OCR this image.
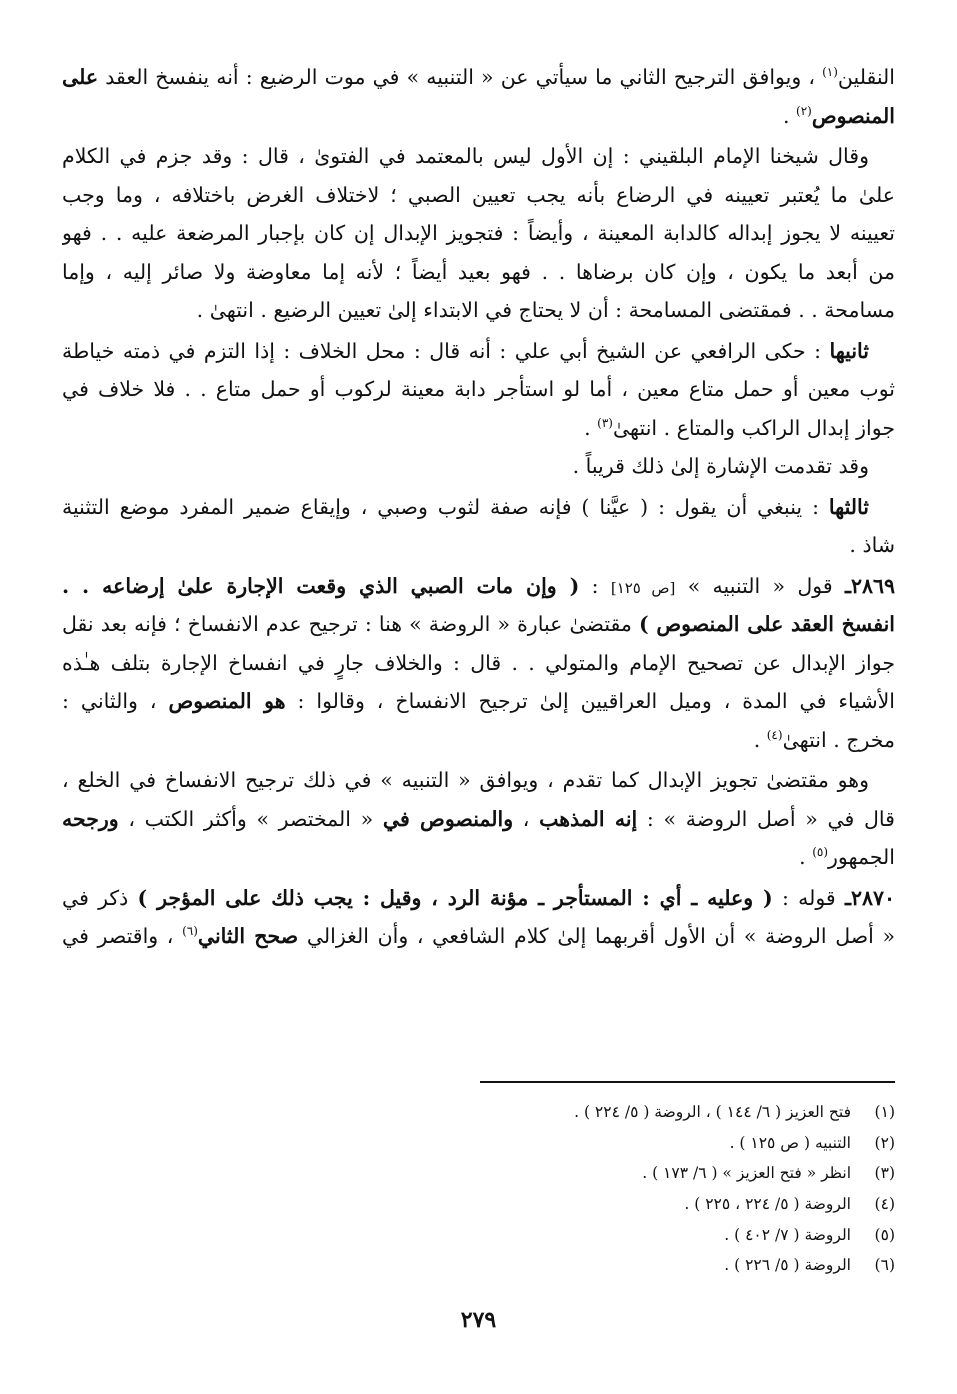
النقلين$^{(١)}$ ، ويوافق الترجيح الثاني ما سيأتي عن « التنبيه » في موت الرضيع : أنه ينفسخ العقد على
المنصوص$^{(٢)}$ .
وقال شيخنا الإمام البلقيني : إن الأول ليس بالمعتمد في الفتوىٰ ، قال : وقد جزم في الكلام
علىٰ ما يُعتبر تعيينه في الرضاع بأنه يجب تعيين الصبي ؛ لاختلاف الغرض باختلافه ، وما وجب
تعيينه لا يجوز إبداله كالدابة المعينة ، وأيضاً : فتجويز الإبدال إن كان بإجبار المرضعة عليه . . فهو
من أبعد ما يكون ، وإن كان برضاها . . فهو بعيد أيضاً ؛ لأنه إما معاوضة ولا صائر إليه ، وإما
مسامحة . . فمقتضى المسامحة : أن لا يحتاج في الابتداء إلىٰ تعيين الرضيع . انتهىٰ .
ثانيها : حكى الرافعي عن الشيخ أبي علي : أنه قال : محل الخلاف : إذا التزم في ذمته خياطة
ثوب معين أو حمل متاع معين ، أما لو استأجر دابة معينة لركوب أو حمل متاع . . فلا خلاف في
جواز إبدال الراكب والمتاع . انتهىٰ$^{(٣)}$ .
وقد تقدمت الإشارة إلىٰ ذلك قريباً .
ثالثها : ينبغي أن يقول : ( عيَّنا ) فإنه صفة لثوب وصبي ، وإيقاع ضمير المفرد موضع التثنية
شاذ .
٢٨٦٩ـ قول « التنبيه » [ص ١٢٥] : ( وإن مات الصبي الذي وقعت الإجارة علىٰ إرضاعه . .
انفسخ العقد على المنصوص ) مقتضىٰ عبارة « الروضة » هنا : ترجيح عدم الانفساخ ؛ فإنه بعد نقل
جواز الإبدال عن تصحيح الإمام والمتولي . . قال : والخلاف جارٍ في انفساخ الإجارة بتلف هـٰذه
الأشياء في المدة ، وميل العراقيين إلىٰ ترجيح الانفساخ ، وقالوا : هو المنصوص ، والثاني :
مخرج . انتهىٰ$^{(٤)}$ .
وهو مقتضىٰ تجويز الإبدال كما تقدم ، ويوافق « التنبيه » في ذلك ترجيح الانفساخ في الخلع ،
قال في « أصل الروضة » : إنه المذهب ، والمنصوص في « المختصر » وأكثر الكتب ، ورجحه
الجمهور$^{(٥)}$ .
٢٨٧٠ـ قوله : ( وعليه ـ أي : المستأجر ـ مؤنة الرد ، وقيل : يجب ذلك على المؤجر ) ذكر في
« أصل الروضة » أن الأول أقربهما إلىٰ كلام الشافعي ، وأن الغزالي صحح الثاني$^{(٦)}$ ، واقتصر في
(١)
فتح العزيز ( ٦/ ١٤٤ ) ، الروضة ( ٥/ ٢٢٤ ) .
(٢)
التنبيه ( ص ١٢٥ ) .
(٣)
انظر « فتح العزيز » ( ٦/ ١٧٣ ) .
(٤)
الروضة ( ٥/ ٢٢٤ ، ٢٢٥ ) .
(٥)
الروضة ( ٧/ ٤٠٢ ) .
(٦)
الروضة ( ٥/ ٢٢٦ ) .
٢٧٩
